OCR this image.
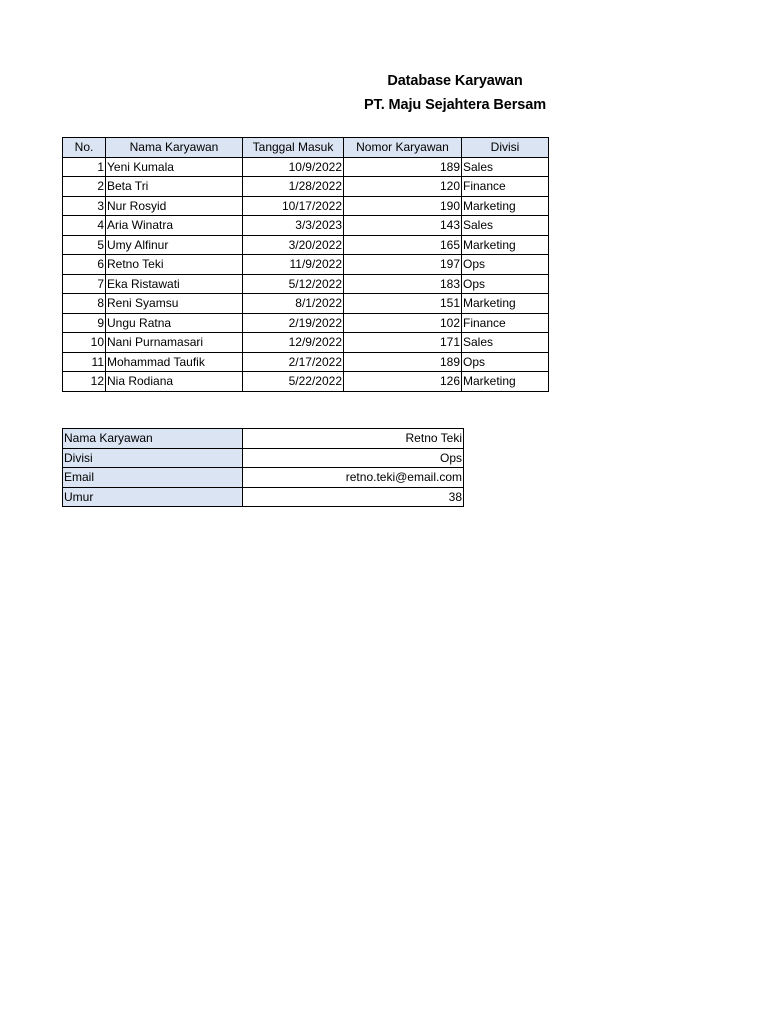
Database Karyawan
PT. Maju Sejahtera Bersam
No.	Nama Karyawan	Tanggal Masuk	Nomor Karyawan	Divisi
1	Yeni Kumala	10/9/2022	189	Sales
2	Beta Tri	1/28/2022	120	Finance
3	Nur Rosyid	10/17/2022	190	Marketing
4	Aria Winatra	3/3/2023	143	Sales
5	Umy Alfinur	3/20/2022	165	Marketing
6	Retno Teki	11/9/2022	197	Ops
7	Eka Ristawati	5/12/2022	183	Ops
8	Reni Syamsu	8/1/2022	151	Marketing
9	Ungu Ratna	2/19/2022	102	Finance
10	Nani Purnamasari	12/9/2022	171	Sales
11	Mohammad Taufik	2/17/2022	189	Ops
12	Nia Rodiana	5/22/2022	126	Marketing
Nama Karyawan	Retno Teki
Divisi	Ops
Email	retno.teki@email.com
Umur	38
